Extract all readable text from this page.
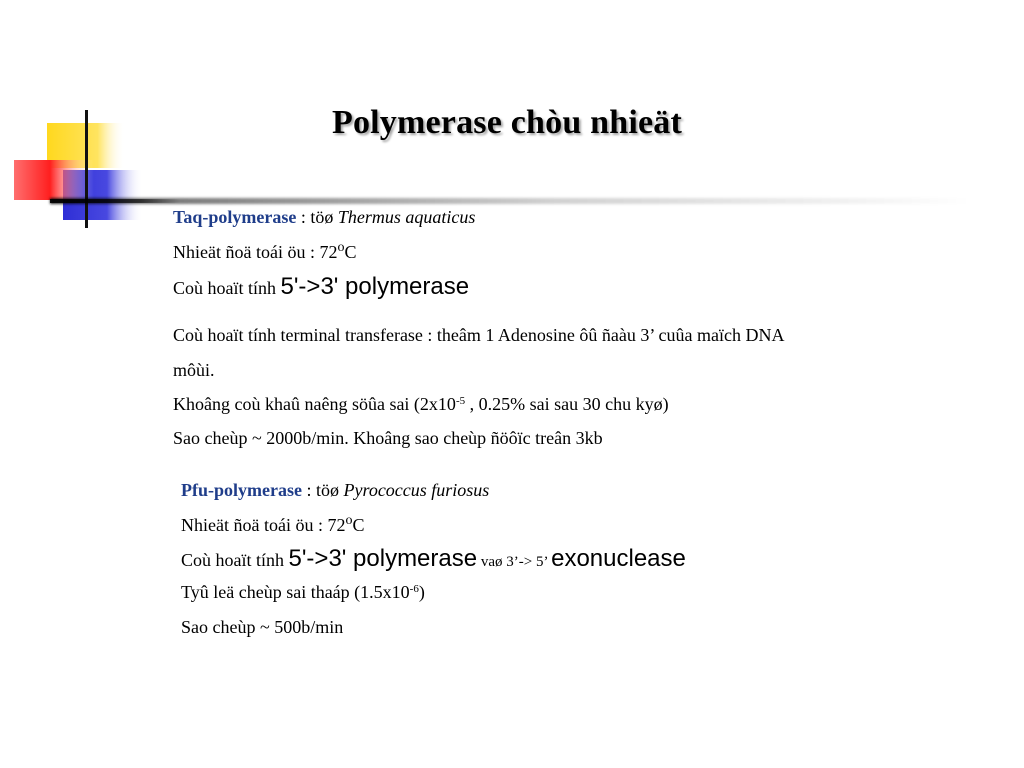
Polymerase chòu nhieät
Taq-polymerase : töø Thermus aquaticus
Nhieät ñoä toái öu : 72$^o$C
Coù hoaït tính 5'->3' polymerase
Coù hoaït tính terminal transferase : theâm 1 Adenosine ôû ñaàu 3’ cuûa maïch DNA
môùi.
Khoâng coù khaû naêng söûa sai ($2x10^{-5}$ , 0.25% sai sau 30 chu kyø)
Sao cheùp ~ 2000b/min. Khoâng sao cheùp ñöôïc treân 3kb
Pfu-polymerase : töø Pyrococcus furiosus
Nhieät ñoä toái öu : 72$^o$C
Coù hoaït tính 5'->3' polymerase vaø 3’-> 5’ exonuclease
Tyû leä cheùp sai thaáp $(1.5x10^{-6})$
Sao cheùp ~ 500b/min
